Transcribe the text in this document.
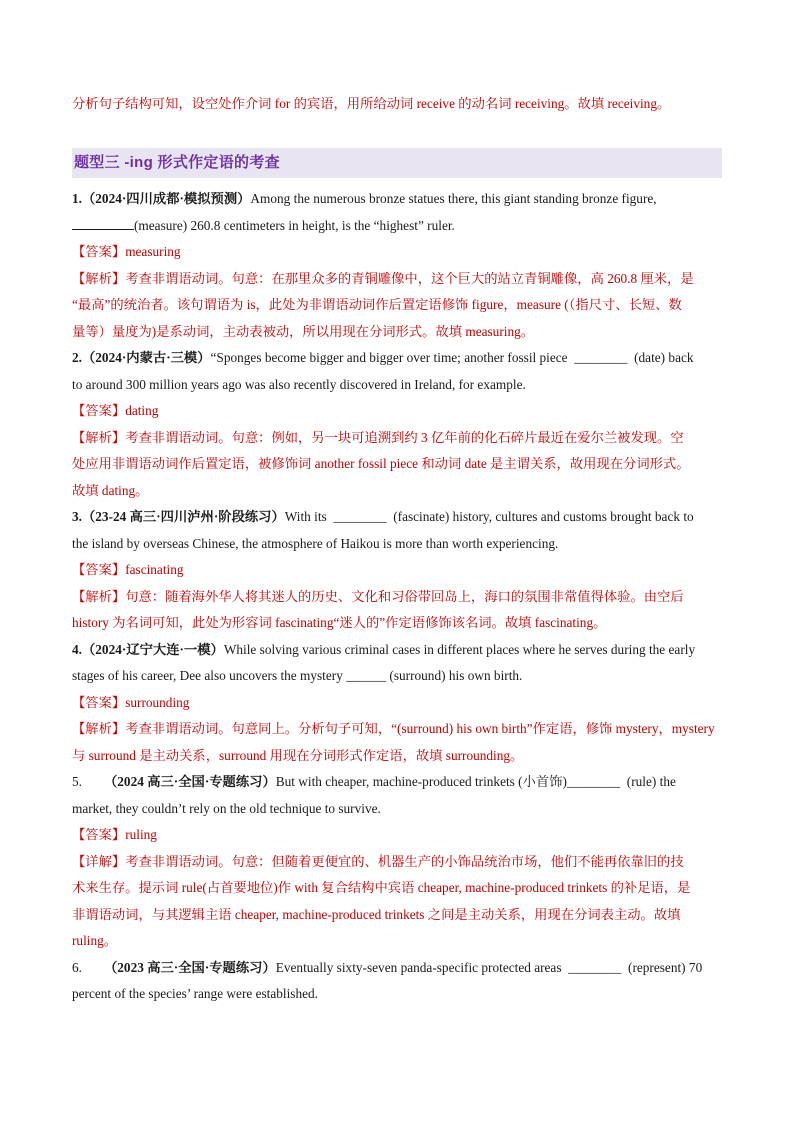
分析句子结构可知，设空处作介词 for 的宾语，用所给动词 receive 的动名词 receiving。故填 receiving。
题型三 -ing 形式作定语的考查
1.（2024·四川成都·模拟预测）Among the numerous bronze statues there, this giant standing bronze figure,
(measure) 260.8 centimeters in height, is the “highest” ruler.
【答案】measuring
【解析】考查非谓语动词。句意：在那里众多的青铜雕像中，这个巨大的站立青铜雕像，高 260.8 厘米，是
“最高”的统治者。该句谓语为 is，此处为非谓语动词作后置定语修饰 figure，measure (（指尺寸、长短、数
量等）量度为)是系动词，主动表被动，所以用现在分词形式。故填 measuring。
2.（2024·内蒙古·三模）“Sponges become bigger and bigger over time; another fossil piece ________ (date) back
to around 300 million years ago was also recently discovered in Ireland, for example.
【答案】dating
【解析】考查非谓语动词。句意：例如，另一块可追溯到约 3 亿年前的化石碎片最近在爱尔兰被发现。空
处应用非谓语动词作后置定语，被修饰词 another fossil piece 和动词 date 是主谓关系，故用现在分词形式。
故填 dating。
3.（23-24 高三·四川泸州·阶段练习）With its ________ (fascinate) history, cultures and customs brought back to
the island by overseas Chinese, the atmosphere of Haikou is more than worth experiencing.
【答案】fascinating
【解析】句意：随着海外华人将其迷人的历史、文化和习俗带回岛上，海口的氛围非常值得体验。由空后
history 为名词可知，此处为形容词 fascinating“迷人的”作定语修饰该名词。故填 fascinating。
4.（2024·辽宁大连·一模）While solving various criminal cases in different places where he serves during the early
stages of his career, Dee also uncovers the mystery ______ (surround) his own birth.
【答案】surrounding
【解析】考查非谓语动词。句意同上。分析句子可知，“(surround) his own birth”作定语，修饰 mystery，mystery
与 surround 是主动关系，surround 用现在分词形式作定语，故填 surrounding。
5. （2024 高三·全国·专题练习）But with cheaper, machine-produced trinkets (小首饰)________ (rule) the
market, they couldn’t rely on the old technique to survive.
【答案】ruling
【详解】考查非谓语动词。句意：但随着更便宜的、机器生产的小饰品统治市场，他们不能再依靠旧的技
术来生存。提示词 rule(占首要地位)作 with 复合结构中宾语 cheaper, machine-produced trinkets 的补足语，是
非谓语动词，与其逻辑主语 cheaper, machine-produced trinkets 之间是主动关系，用现在分词表主动。故填
ruling。
6. （2023 高三·全国·专题练习）Eventually sixty-seven panda-specific protected areas ________ (represent) 70
percent of the species’ range were established.
